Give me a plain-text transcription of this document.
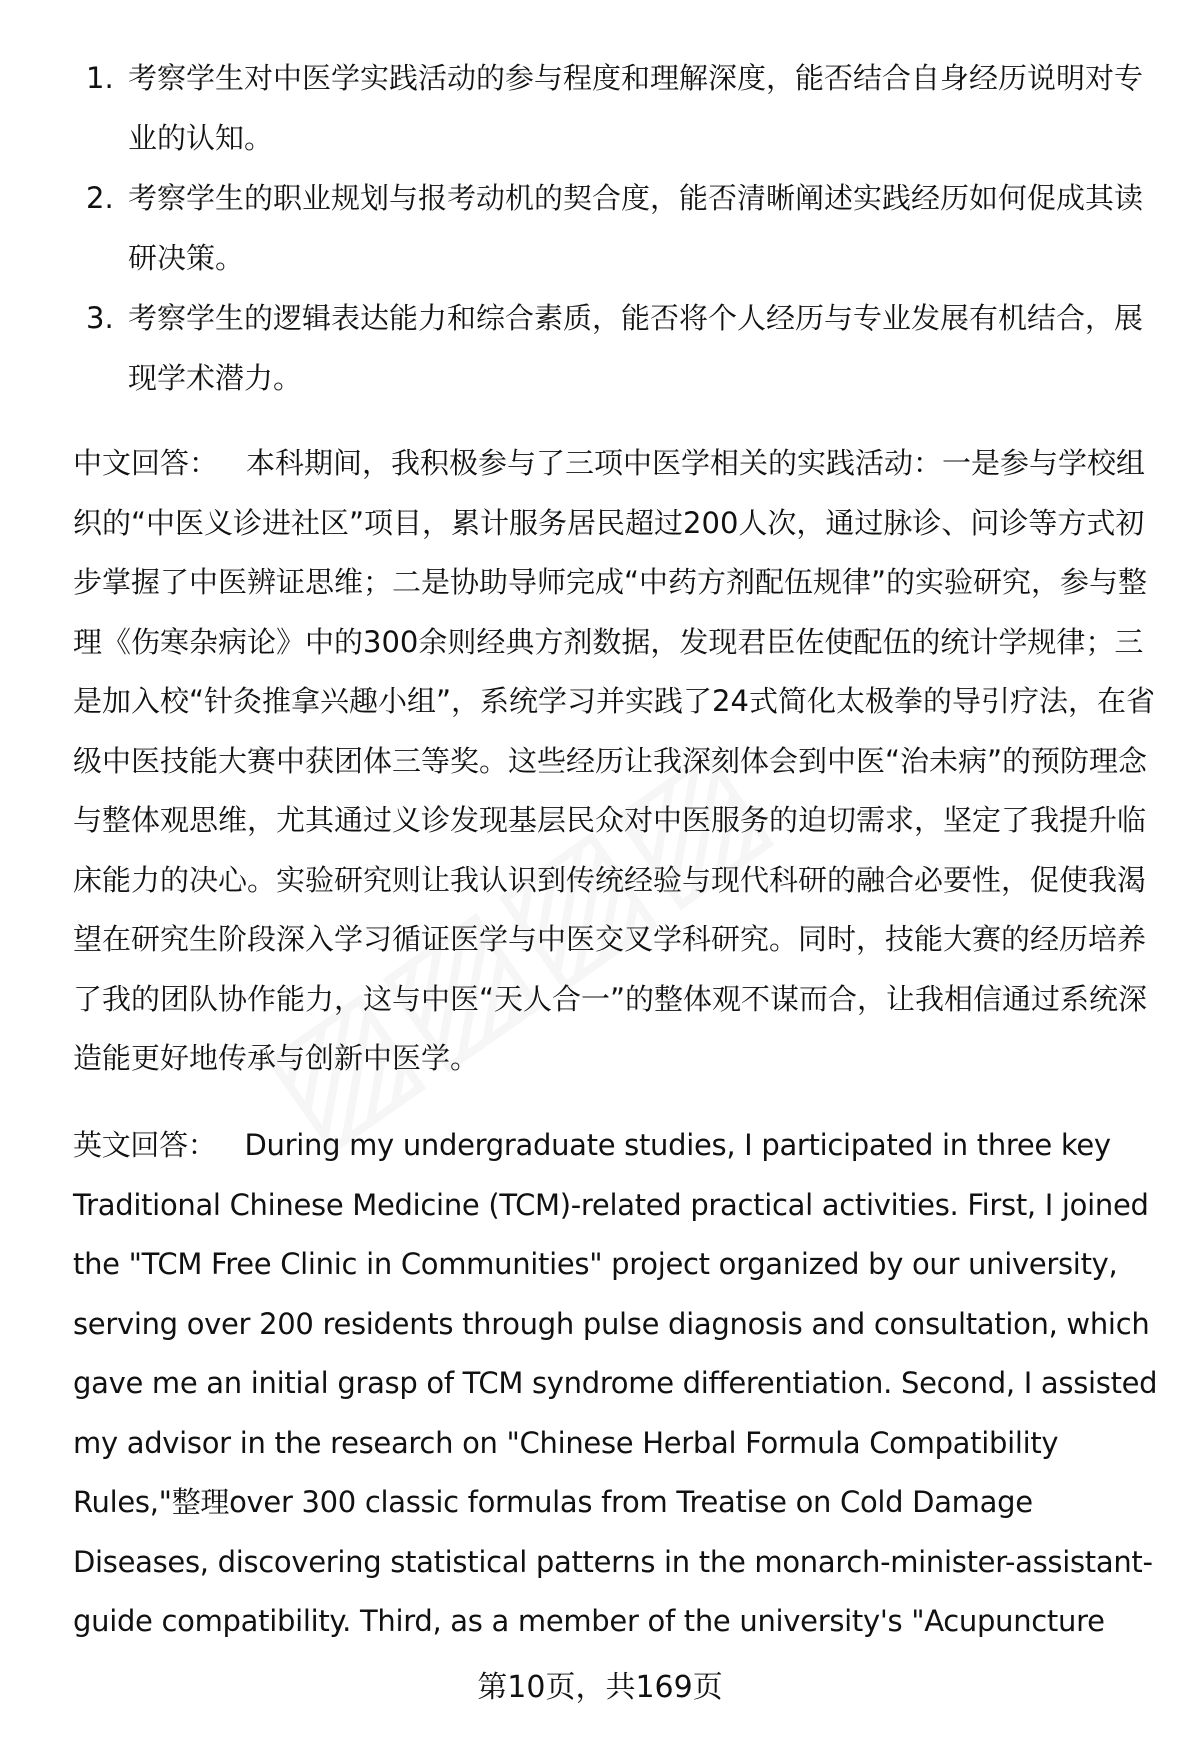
1. 考察学生对中医学实践活动的参与程度和理解深度，能否结合自身经历说明对专业的认知。
2. 考察学生的职业规划与报考动机的契合度，能否清晰阐述实践经历如何促成其读研决策。
3. 考察学生的逻辑表达能力和综合素质，能否将个人经历与专业发展有机结合，展现学术潜力。

中文回答： 本科期间，我积极参与了三项中医学相关的实践活动：一是参与学校组织的“中医义诊进社区”项目，累计服务居民超过200人次，通过脉诊、问诊等方式初步掌握了中医辨证思维；二是协助导师完成“中药方剂配伍规律”的实验研究，参与整理《伤寒杂病论》中的300余则经典方剂数据，发现君臣佐使配伍的统计学规律；三是加入校“针灸推拿兴趣小组”，系统学习并实践了24式简化太极拳的导引疗法，在省级中医技能大赛中获团体三等奖。这些经历让我深刻体会到中医“治未病”的预防理念与整体观思维，尤其通过义诊发现基层民众对中医服务的迫切需求，坚定了我提升临床能力的决心。实验研究则让我认识到传统经验与现代科研的融合必要性，促使我渴望在研究生阶段深入学习循证医学与中医交叉学科研究。同时，技能大赛的经历培养了我的团队协作能力，这与中医“天人合一”的整体观不谋而合，让我相信通过系统深造能更好地传承与创新中医学。

英文回答： During my undergraduate studies, I participated in three key Traditional Chinese Medicine (TCM)-related practical activities. First, I joined the "TCM Free Clinic in Communities" project organized by our university, serving over 200 residents through pulse diagnosis and consultation, which gave me an initial grasp of TCM syndrome differentiation. Second, I assisted my advisor in the research on "Chinese Herbal Formula Compatibility Rules,"整理over 300 classic formulas from Treatise on Cold Damage Diseases, discovering statistical patterns in the monarch-minister-assistant-guide compatibility. Third, as a member of the university's "Acupuncture

第10页，共169页
